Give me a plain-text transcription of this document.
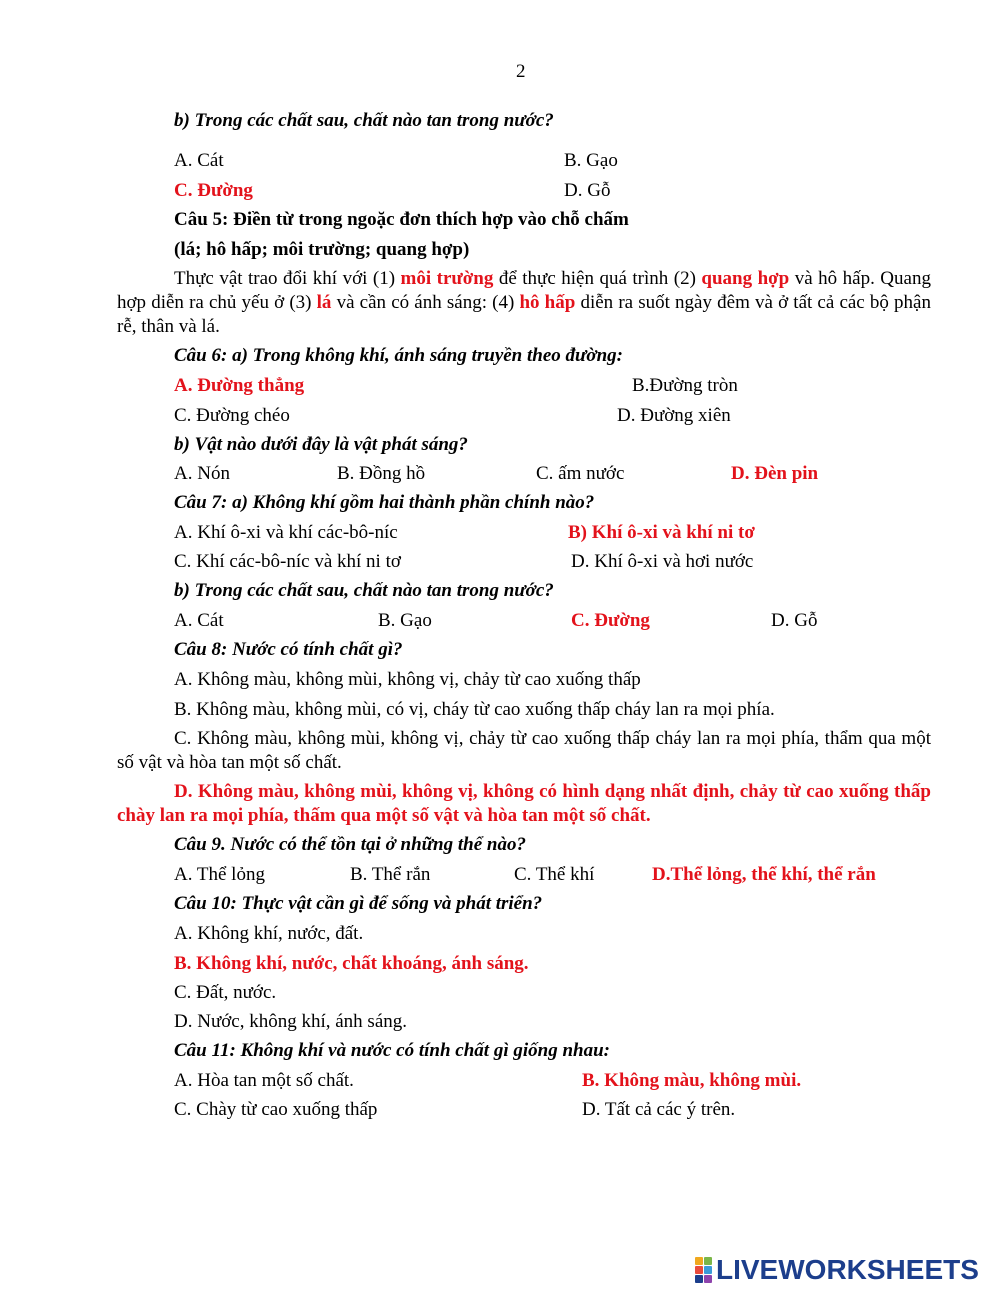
2
b) Trong các chất sau, chất nào tan trong nước?
A. Cát	B. Gạo
C. Đường	D. Gỗ
Câu 5: Điền từ trong ngoặc đơn thích hợp vào chỗ chấm
(lá; hô hấp; môi trường; quang hợp)
Thực vật trao đổi khí với (1) môi trường để thực hiện quá trình (2) quang hợp và hô hấp. Quang hợp diễn ra chủ yếu ở (3) lá và cần có ánh sáng: (4) hô hấp diễn ra suốt ngày đêm và ở tất cả các bộ phận rễ, thân và lá.
Câu 6: a) Trong không khí, ánh sáng truyền theo đường:
A. Đường thẳng	B.Đường tròn
C. Đường chéo	D. Đường xiên
b) Vật nào dưới đây là vật phát sáng?
A. Nón	B. Đồng hồ	C. ấm nước	D. Đèn pin
Câu 7: a) Không khí gồm hai thành phần chính nào?
A. Khí ô-xi và khí các-bô-níc	B) Khí ô-xi và khí ni tơ
C. Khí các-bô-níc và khí ni tơ	D. Khí ô-xi và hơi nước
b) Trong các chất sau, chất nào tan trong nước?
A. Cát	B. Gạo	C. Đường	D. Gỗ
Câu 8: Nước có tính chất gì?
A. Không màu, không mùi, không vị, chảy từ cao xuống thấp
B. Không màu, không mùi, có vị, cháy từ cao xuống thấp cháy lan ra mọi phía.
C. Không màu, không mùi, không vị, chảy từ cao xuống thấp cháy lan ra mọi phía, thẩm qua một số vật và hòa tan một số chất.
D. Không màu, không mùi, không vị, không có hình dạng nhất định, chảy từ cao xuống thấp chày lan ra mọi phía, thấm qua một số vật và hòa tan một số chất.
Câu 9. Nước có thể tồn tại ở những thể nào?
A. Thể lỏng	B. Thể rắn	C. Thể khí	D.Thể lỏng, thể khí, thể rắn
Câu 10: Thực vật cần gì để sống và phát triển?
A. Không khí, nước, đất.
B. Không khí, nước, chất khoáng, ánh sáng.
C. Đất, nước.
D. Nước, không khí, ánh sáng.
Câu 11: Không khí và nước có tính chất gì giống nhau:
A. Hòa tan một số chất.	B. Không màu, không mùi.
C. Chày từ cao xuống thấp	D. Tất cả các ý trên.
LIVEWORKSHEETS
